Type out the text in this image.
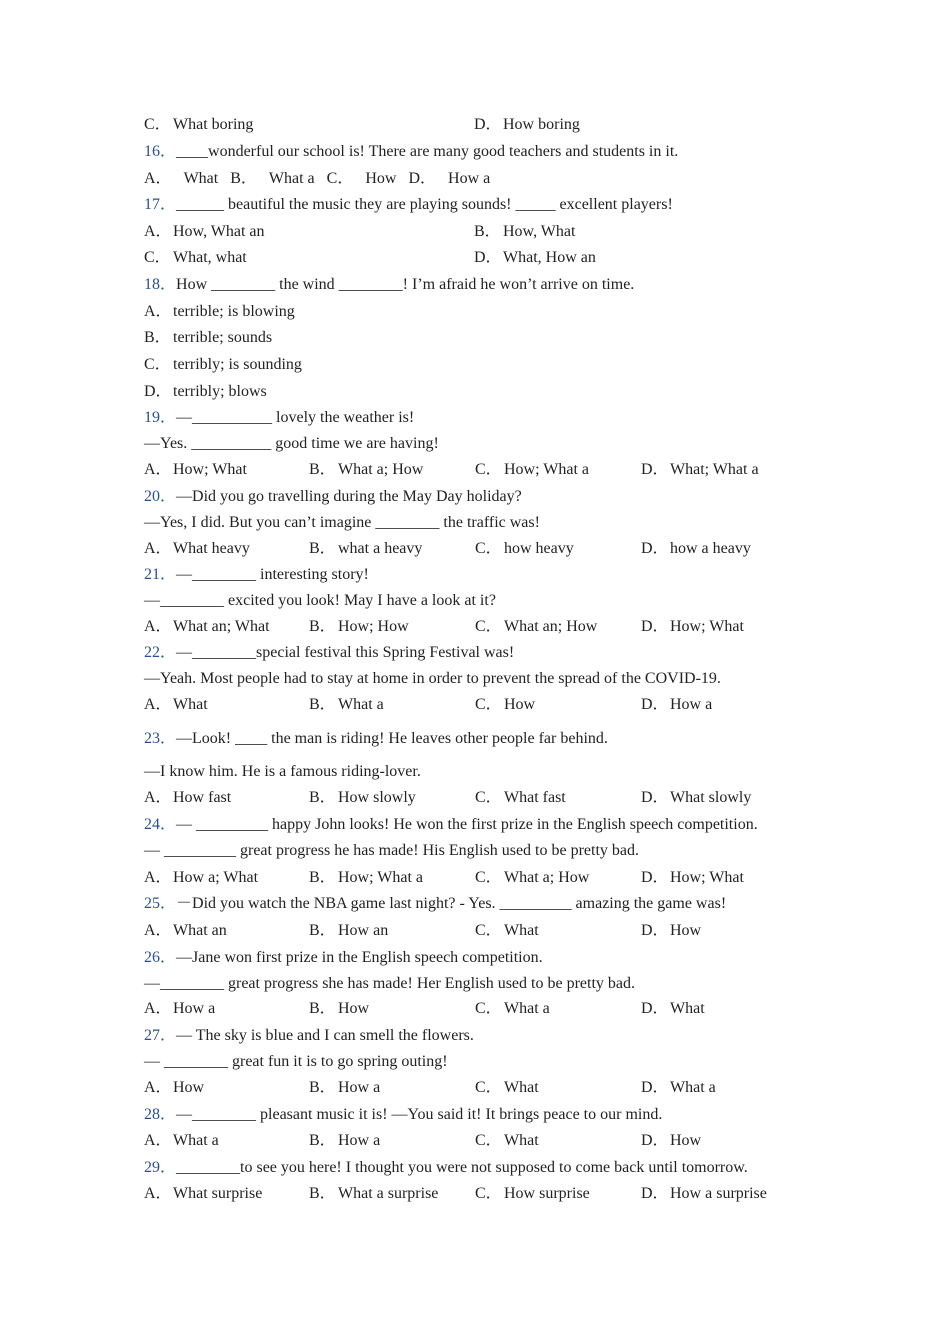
C． What boring	D．How boring
16．____wonderful our school is! There are many good teachers and students in it.
A． What B． What a C． How D． How a
17．______ beautiful the music they are playing sounds! _____ excellent players!
A．How, What an	B． How, What
C． What, what	D．What, How an
18．How ________ the wind ________! I’m afraid he won’t arrive on time.
A．terrible; is blowing
B． terrible; sounds
C． terribly; is sounding
D．terribly; blows
19．—__________ lovely the weather is!
—Yes. __________ good time we are having!
A．How; What	B． What a; How	C． How; What a	D．What; What a
20．—Did you go travelling during the May Day holiday?
—Yes, I did. But you can’t imagine ________ the traffic was!
A．What heavy	B． what a heavy	C． how heavy	D．how a heavy
21．—________ interesting story!
—________ excited you look! May I have a look at it?
A．What an; What B． How; How	C． What an; How	D．How; What
22．—________special festival this Spring Festival was!
—Yeah. Most people had to stay at home in order to prevent the spread of the COVID-19.
A．What	B． What a	C． How	D．How a
23．—Look! ____ the man is riding! He leaves other people far behind.
—I know him. He is a famous riding-lover.
A．How fast	B． How slowly	C． What fast	D．What slowly
24．— _________ happy John looks! He won the first prize in the English speech competition.
— _________ great progress he has made! His English used to be pretty bad.
A．How a; What	B． How; What a	C． What a; How	D．How; What
25．－Did you watch the NBA game last night? - Yes. _________ amazing the game was!
A．What an	B． How an	C． What	D．How
26．—Jane won first prize in the English speech competition.
—________ great progress she has made! Her English used to be pretty bad.
A．How a	B． How	C． What a	D．What
27．— The sky is blue and I can smell the flowers.
— ________ great fun it is to go spring outing!
A．How	B． How a	C． What	D．What a
28．—________ pleasant music it is! —You said it! It brings peace to our mind.
A．What a	B． How a	C． What	D．How
29．________to see you here! I thought you were not supposed to come back until tomorrow.
A．What surprise	B． What a surprise C． How surprise	D．How a surprise
